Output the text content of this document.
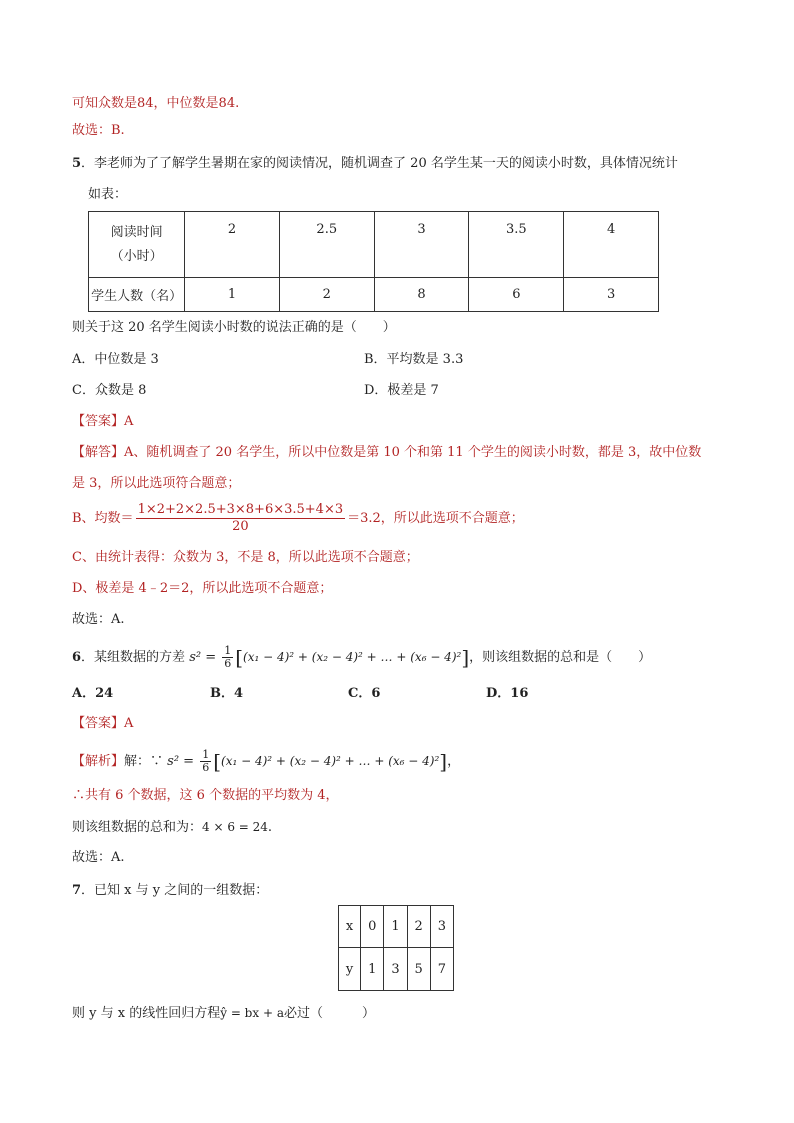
可知众数是84，中位数是84.
故选：B.
5．李老师为了了解学生暑期在家的阅读情况，随机调查了 20 名学生某一天的阅读小时数，具体情况统计
如表：
阅读时间
（小时）	2	2.5	3	3.5	4
学生人数（名）	1	2	8	6	3
则关于这 20 名学生阅读小时数的说法正确的是（　　）
A．中位数是 3	B．平均数是 3.3
C．众数是 8	D．极差是 7
【答案】A
【解答】A、随机调查了 20 名学生，所以中位数是第 10 个和第 11 个学生的阅读小时数，都是 3，故中位数
是 3，所以此选项符合题意；
B、均数＝ $\frac{1\times 2+2\times 2.5+3\times 8+6\times 3.5+4\times 3}{20} =3.2$，所以此选项不合题意；
C、由统计表得：众数为 3，不是 8，所以此选项不合题意；
D、极差是 4﹣2＝2，所以此选项不合题意；
故选：A.
6．某组数据的方差 $s^2 = \frac{1}{6} [(x_1 - 4)^2 + (x_2 - 4)^2$ + … + (x₆ − 4)²]，则该组数据的总和是（　　）
A．24	B．4	C．6	D．16
【答案】A
【解析】解：∵ $s^2 = \frac{1}{6} [(x_1 - 4)^2 + (x_2 - 4)^2$ + … + (x₆ − 4)²]，
∴共有 6 个数据，这 6 个数据的平均数为 4，
则该组数据的总和为：4 × 6 = 24.
故选：A.
7．已知 x 与 y 之间的一组数据：
x	0	1	2	3
y	1	3	5	7
则 y 与 x 的线性回归方程ŷ = bx + a必过（　　　）
